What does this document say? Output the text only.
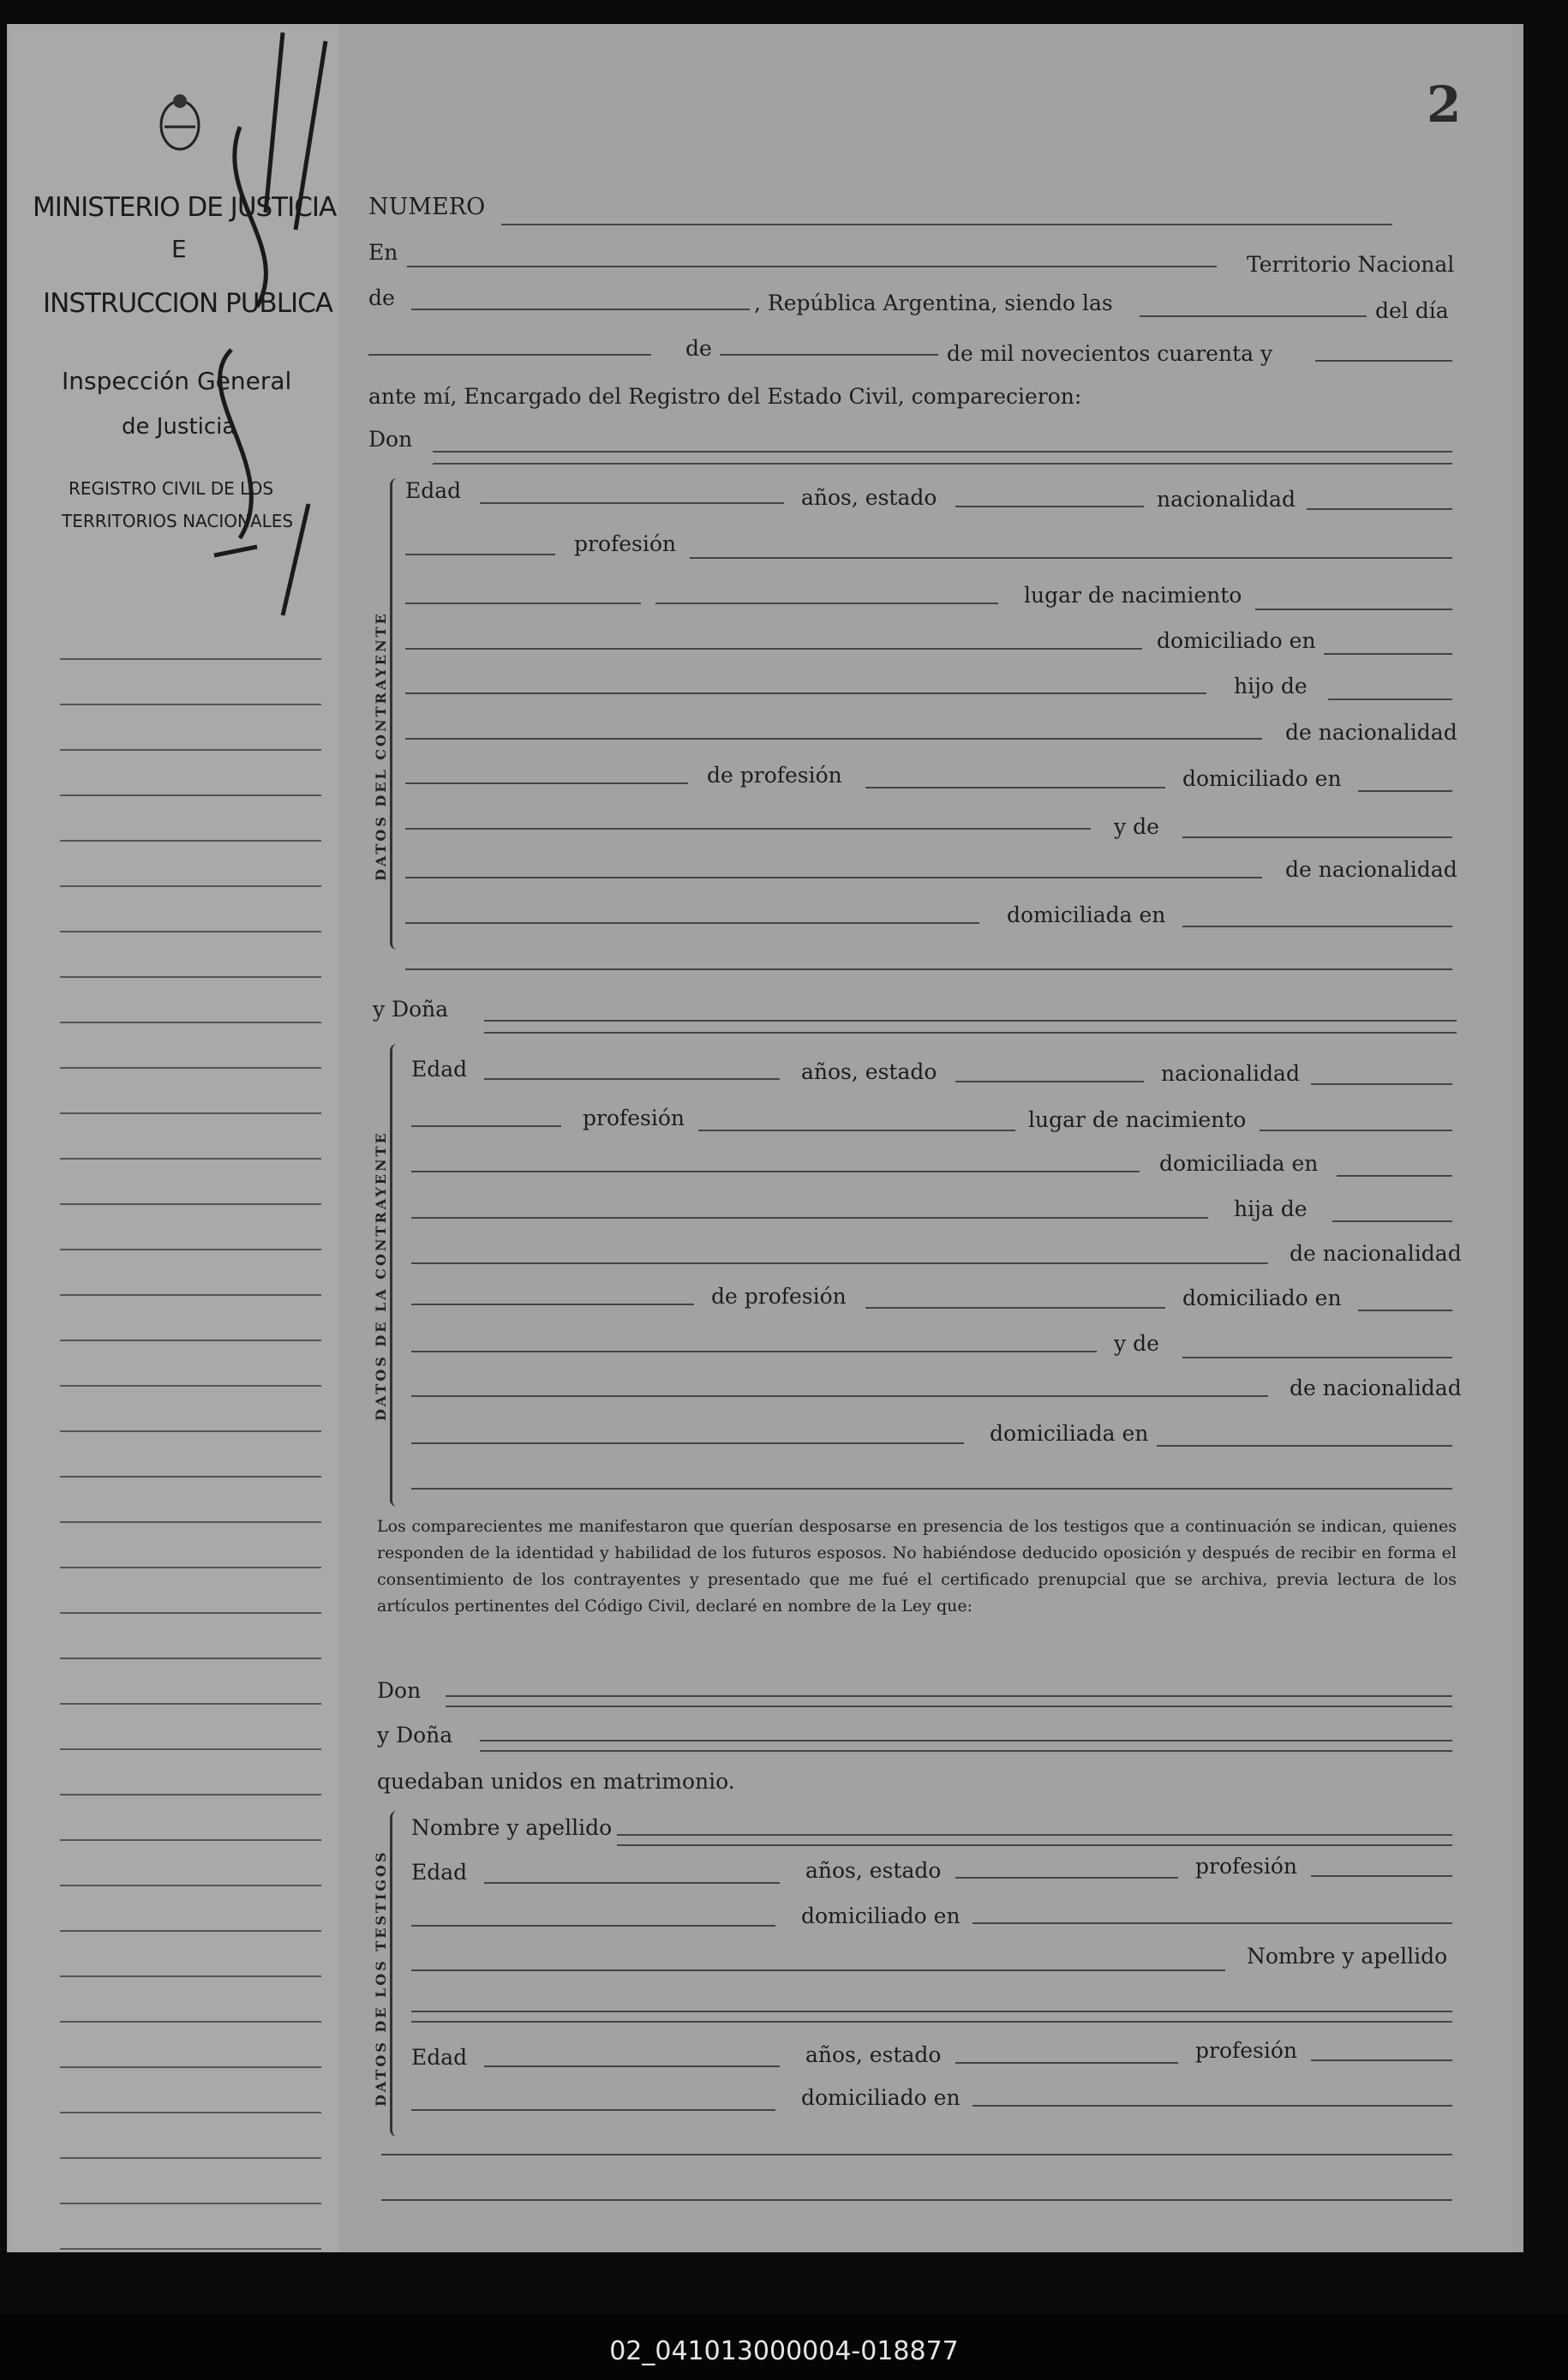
MINISTERIO DE JUSTICIA
E
INSTRUCCION PUBLICA
Inspección General
de Justicia
REGISTRO CIVIL DE LOS
TERRITORIOS NACIONALES
2
NUMERO
En	Territorio Nacional
de	, República Argentina, siendo las	del día
de	de mil novecientos cuarenta y
ante mí, Encargado del Registro del Estado Civil, comparecieron:
Don
DATOS DEL CONTRAYENTE
Edad	años, estado	nacionalidad
profesión
lugar de nacimiento
domiciliado en
hijo de
de nacionalidad
de profesión	domiciliado en
y de
de nacionalidad
domiciliada en
y Doña
DATOS DE LA CONTRAYENTE
Edad	años, estado	nacionalidad
profesión	lugar de nacimiento
domiciliada en
hija de
de nacionalidad
de profesión	domiciliado en
y de
de nacionalidad
domiciliada en
Los comparecientes me manifestaron que querían desposarse en presencia de los testigos que a continuación se indican, quienes responden de la identidad y habilidad de los futuros esposos. No habiéndose deducido oposición y después de recibir en forma el consentimiento de los contrayentes y presentado que me fué el certificado prenupcial que se archiva, previa lectura de los artículos pertinentes del Código Civil, declaré en nombre de la Ley que:
Don
y Doña
quedaban unidos en matrimonio.
DATOS DE LOS TESTIGOS
Nombre y apellido
Edad	años, estado	profesión
domiciliado en
Nombre y apellido
Edad	años, estado	profesión
domiciliado en
02_041013000004-018877
